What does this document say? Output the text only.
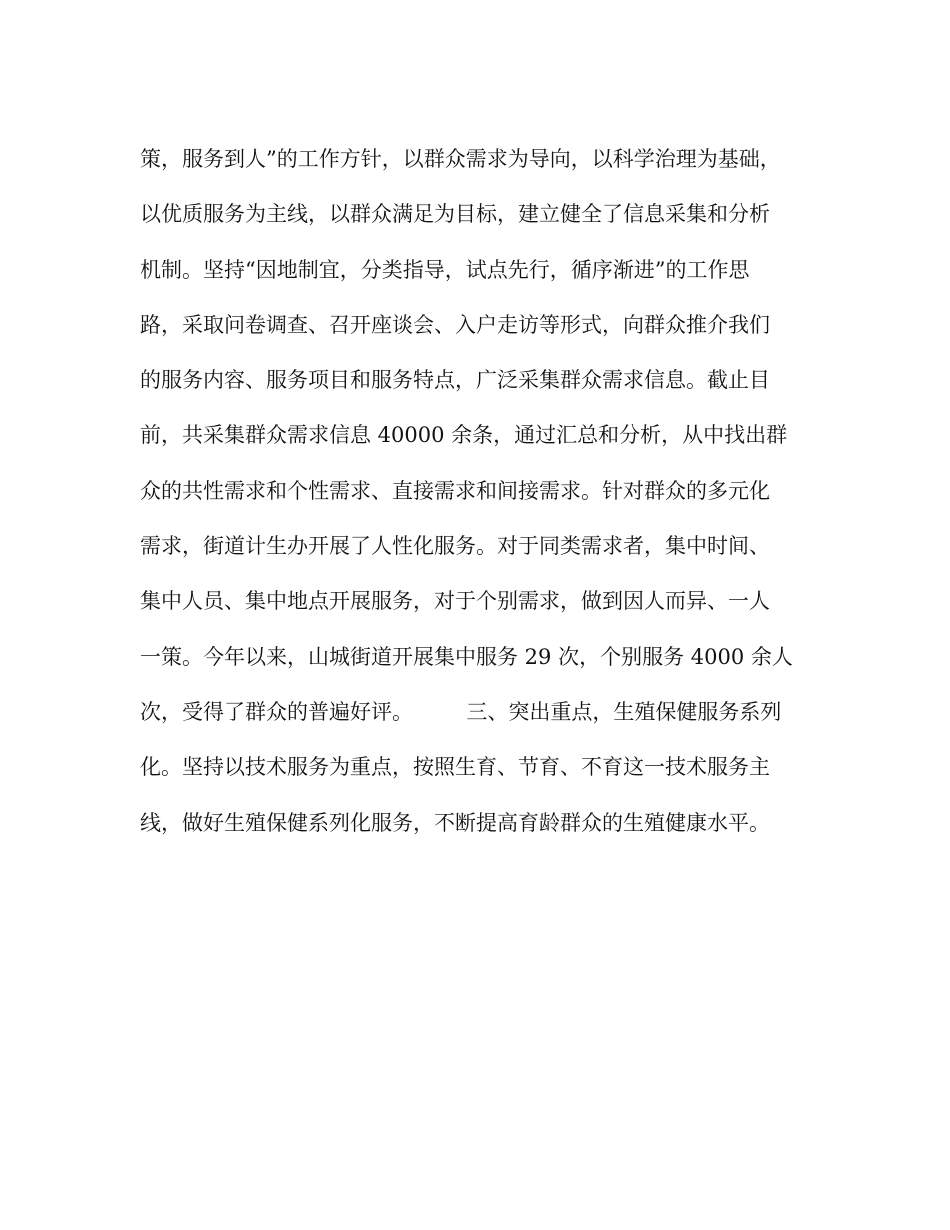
策，服务到人”的工作方针，以群众需求为导向，以科学治理为基础，
以优质服务为主线，以群众满足为目标，建立健全了信息采集和分析
机制。坚持“因地制宜，分类指导，试点先行，循序渐进”的工作思
路，采取问卷调查、召开座谈会、入户走访等形式，向群众推介我们
的服务内容、服务项目和服务特点，广泛采集群众需求信息。截止目
前，共采集群众需求信息 40000 余条，通过汇总和分析，从中找出群
众的共性需求和个性需求、直接需求和间接需求。针对群众的多元化
需求，街道计生办开展了人性化服务。对于同类需求者，集中时间、
集中人员、集中地点开展服务，对于个别需求，做到因人而异、一人
一策。今年以来，山城街道开展集中服务 29 次，个别服务 4000 余人
次，受得了群众的普遍好评。        三、突出重点，生殖保健服务系列
化。坚持以技术服务为重点，按照生育、节育、不育这一技术服务主
线，做好生殖保健系列化服务，不断提高育龄群众的生殖健康水平。
